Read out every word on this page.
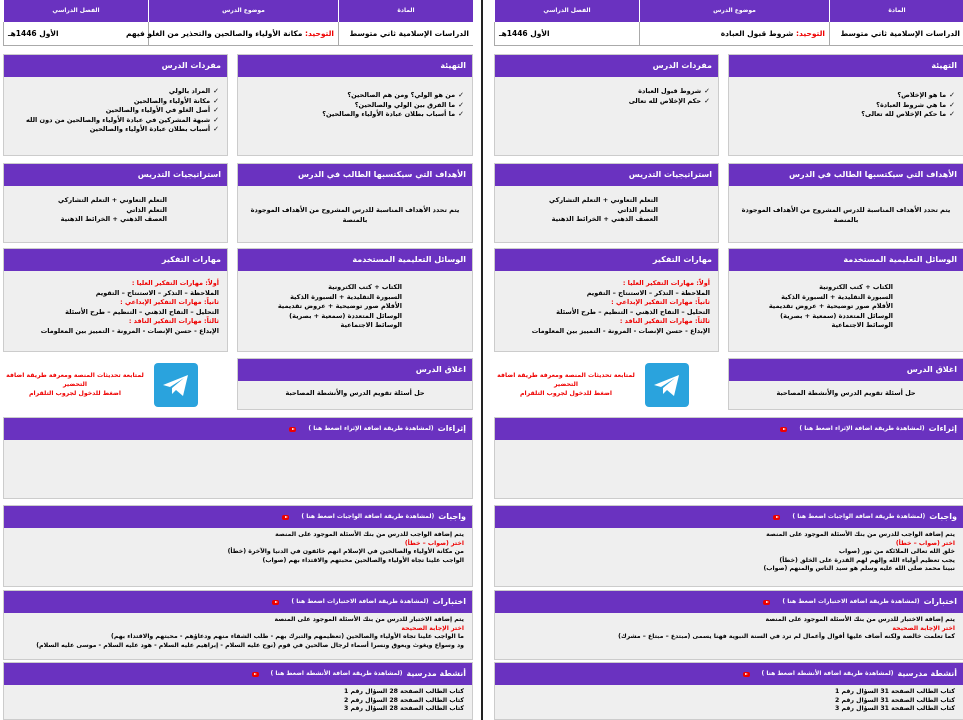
المادة
موضوع الدرس
الفصل الدراسي
الدراسات الإسلامية ثاني متوسط
التوحيد: شروط قبول العبادة
الأول 1446هـ
التهيئة
✓
ما هو الإخلاص؟
✓
ما هي شروط العبادة؟
✓
ما حكم الإخلاص لله تعالى؟
مفردات الدرس
✓
شروط قبول العبادة
✓
حكم الإخلاص لله تعالى
الأهداف التي سيكتسبها الطالب في الدرس
يتم تحدد الأهداف المناسبة للدرس المشروح من الأهداف الموجودة بالمنصة
استراتيجيات التدريس
التعلم التعاوني + التعلم التشاركي
التعلم الذاتي
العصف الذهني + الخرائط الذهنية
الوسائل التعليمية المستخدمة
الكتاب + كتب الكترونية
السبورة التقليدية + السبورة الذكية
الأقلام صور توضيحية + عروض تقديمية
الوسائل المتعددة (سمعية + بصرية)
الوسائط الاجتماعية
مهارات التفكير
أولاً: مهارات التفكير العليا :
الملاحظة – التذكر – الاستنتاج – التقويم
ثانياً: مهارات التفكير الإبداعي :
التحليل – التفاح الذهني – التنظيم – طرح الأسئلة
ثالثاً: مهارات التفكير الناقد :
الإبداع - حسن الإنصات - المرونة - التمييز بين المعلومات
اغلاق الدرس
حل أسئلة تقويم الدرس والأنشطة المصاحبة
لمتابعة تحديثات المنصة ومعرفة طريقة اضافة التحضير
اضغط للدخول لجروب التلقرام
إثراءات
(لمشاهدة طريقة اضافة الإثراء اضغط هنا )
واجبات
(لمشاهدة طريقة اضافة الواجبات اضغط هنا )
يتم إضافة الواجب للدرس من بنك الأسئلة الموجود على المنصة
اختر (صواب – خطأ)
خلق الله تعالى الملائكة من نور (صواب
يجب تعظيم أولياء الله وإلهم لهم القدرة على الخلق (خطأ)
نبينا محمد صلى الله عليه وسلم هو سيد الناس والمنهم (صواب)
اختبارات
(لمشاهدة طريقة اضافة الاختبارات اضغط هنا )
يتم إضافة الاختبار للدرس من بنك الأسئلة الموجود على المنصة
اختر الإجابة الصحيحة
كما تعلمت خالصة ولكنه أضاف عليها أقوال وأعمال لم ترد في السنة النبوية فهنا يسمى (مبتدع – مبتاع – مشرك)
أنشطة مدرسية
(لمشاهدة طريقة اضافة الأنشطة اضغط هنا )
كتاب الطالب الصفحة 31 السؤال رقم 1
كتاب الطالب الصفحة 31 السؤال رقم 2
كتاب الطالب الصفحة 31 السؤال رقم 3
المادة
موضوع الدرس
الفصل الدراسي
الدراسات الإسلامية ثاني متوسط
التوحيد: مكانة الأولياء والصالحين والتحذير من الغلو فيهم
الأول 1446هـ
التهيئة
✓
من هو الولي؟ ومن هم الصالحين؟
✓
ما الفرق بين الولي والصالحين؟
✓
ما أسباب بطلان عبادة الأولياء والصالحين؟
مفردات الدرس
✓
المراد بالولي
✓
مكانة الأولياء والصالحين
✓
أصل الغلو في الأولياء والصالحين
✓
شبهة المشركين في عبادة الأولياء والصالحين من دون الله
✓
أسباب بطلان عبادة الأولياء والصالحين
الأهداف التي سيكتسبها الطالب في الدرس
يتم تحدد الأهداف المناسبة للدرس المشروح من الأهداف الموجودة بالمنصة
استراتيجيات التدريس
التعلم التعاوني + التعلم التشاركي
التعلم الذاتي
العصف الذهني + الخرائط الذهنية
الوسائل التعليمية المستخدمة
الكتاب + كتب الكترونية
السبورة التقليدية + السبورة الذكية
الأقلام صور توضيحية + عروض تقديمية
الوسائل المتعددة (سمعية + بصرية)
الوسائط الاجتماعية
مهارات التفكير
أولاً: مهارات التفكير العليا :
الملاحظة – التذكر – الاستنتاج – التقويم
ثانياً: مهارات التفكير الإبداعي :
التحليل – التفاح الذهني – التنظيم – طرح الأسئلة
ثالثاً: مهارات التفكير الناقد :
الإبداع - حسن الإنصات - المرونة - التمييز بين المعلومات
اغلاق الدرس
حل أسئلة تقويم الدرس والأنشطة المصاحبة
لمتابعة تحديثات المنصة ومعرفة طريقة اضافة التحضير
اضغط للدخول لجروب التلقرام
إثراءات
(لمشاهدة طريقة اضافة الإثراء اضغط هنا )
واجبات
(لمشاهدة طريقة اضافة الواجبات اضغط هنا )
يتم إضافة الواجب للدرس من بنك الأسئلة الموجود على المنصة
اختر (صواب – خطأ)
من مكانة الأولياء والصالحين في الإسلام انهم خائفون في الدنيا والآخرة (خطأ)
الواجب علينا تجاه الأولياء والصالحين محبتهم والاقتداء بهم (صواب)
اختبارات
(لمشاهدة طريقة اضافة الاختبارات اضغط هنا )
يتم إضافة الاختبار للدرس من بنك الأسئلة الموجود على المنصة
اختر الإجابة الصحيحة
ما الواجب علينا تجاه الأولياء والصالحين (تعظيمهم والتبرك بهم - طلب الشفاء منهم ودعاؤهم - محبتهم والاقتداء بهم)
ود وسواع ويغوث ويعوق ونسرا أسماء لرجال صالحين في قوم (نوح عليه السلام - إبراهيم عليه السلام - هود عليه السلام - موسى عليه السلام)
أنشطة مدرسية
(لمشاهدة طريقة اضافة الأنشطة اضغط هنا )
كتاب الطالب الصفحة 28 السؤال رقم 1
كتاب الطالب الصفحة 28 السؤال رقم 2
كتاب الطالب الصفحة 28 السؤال رقم 3
